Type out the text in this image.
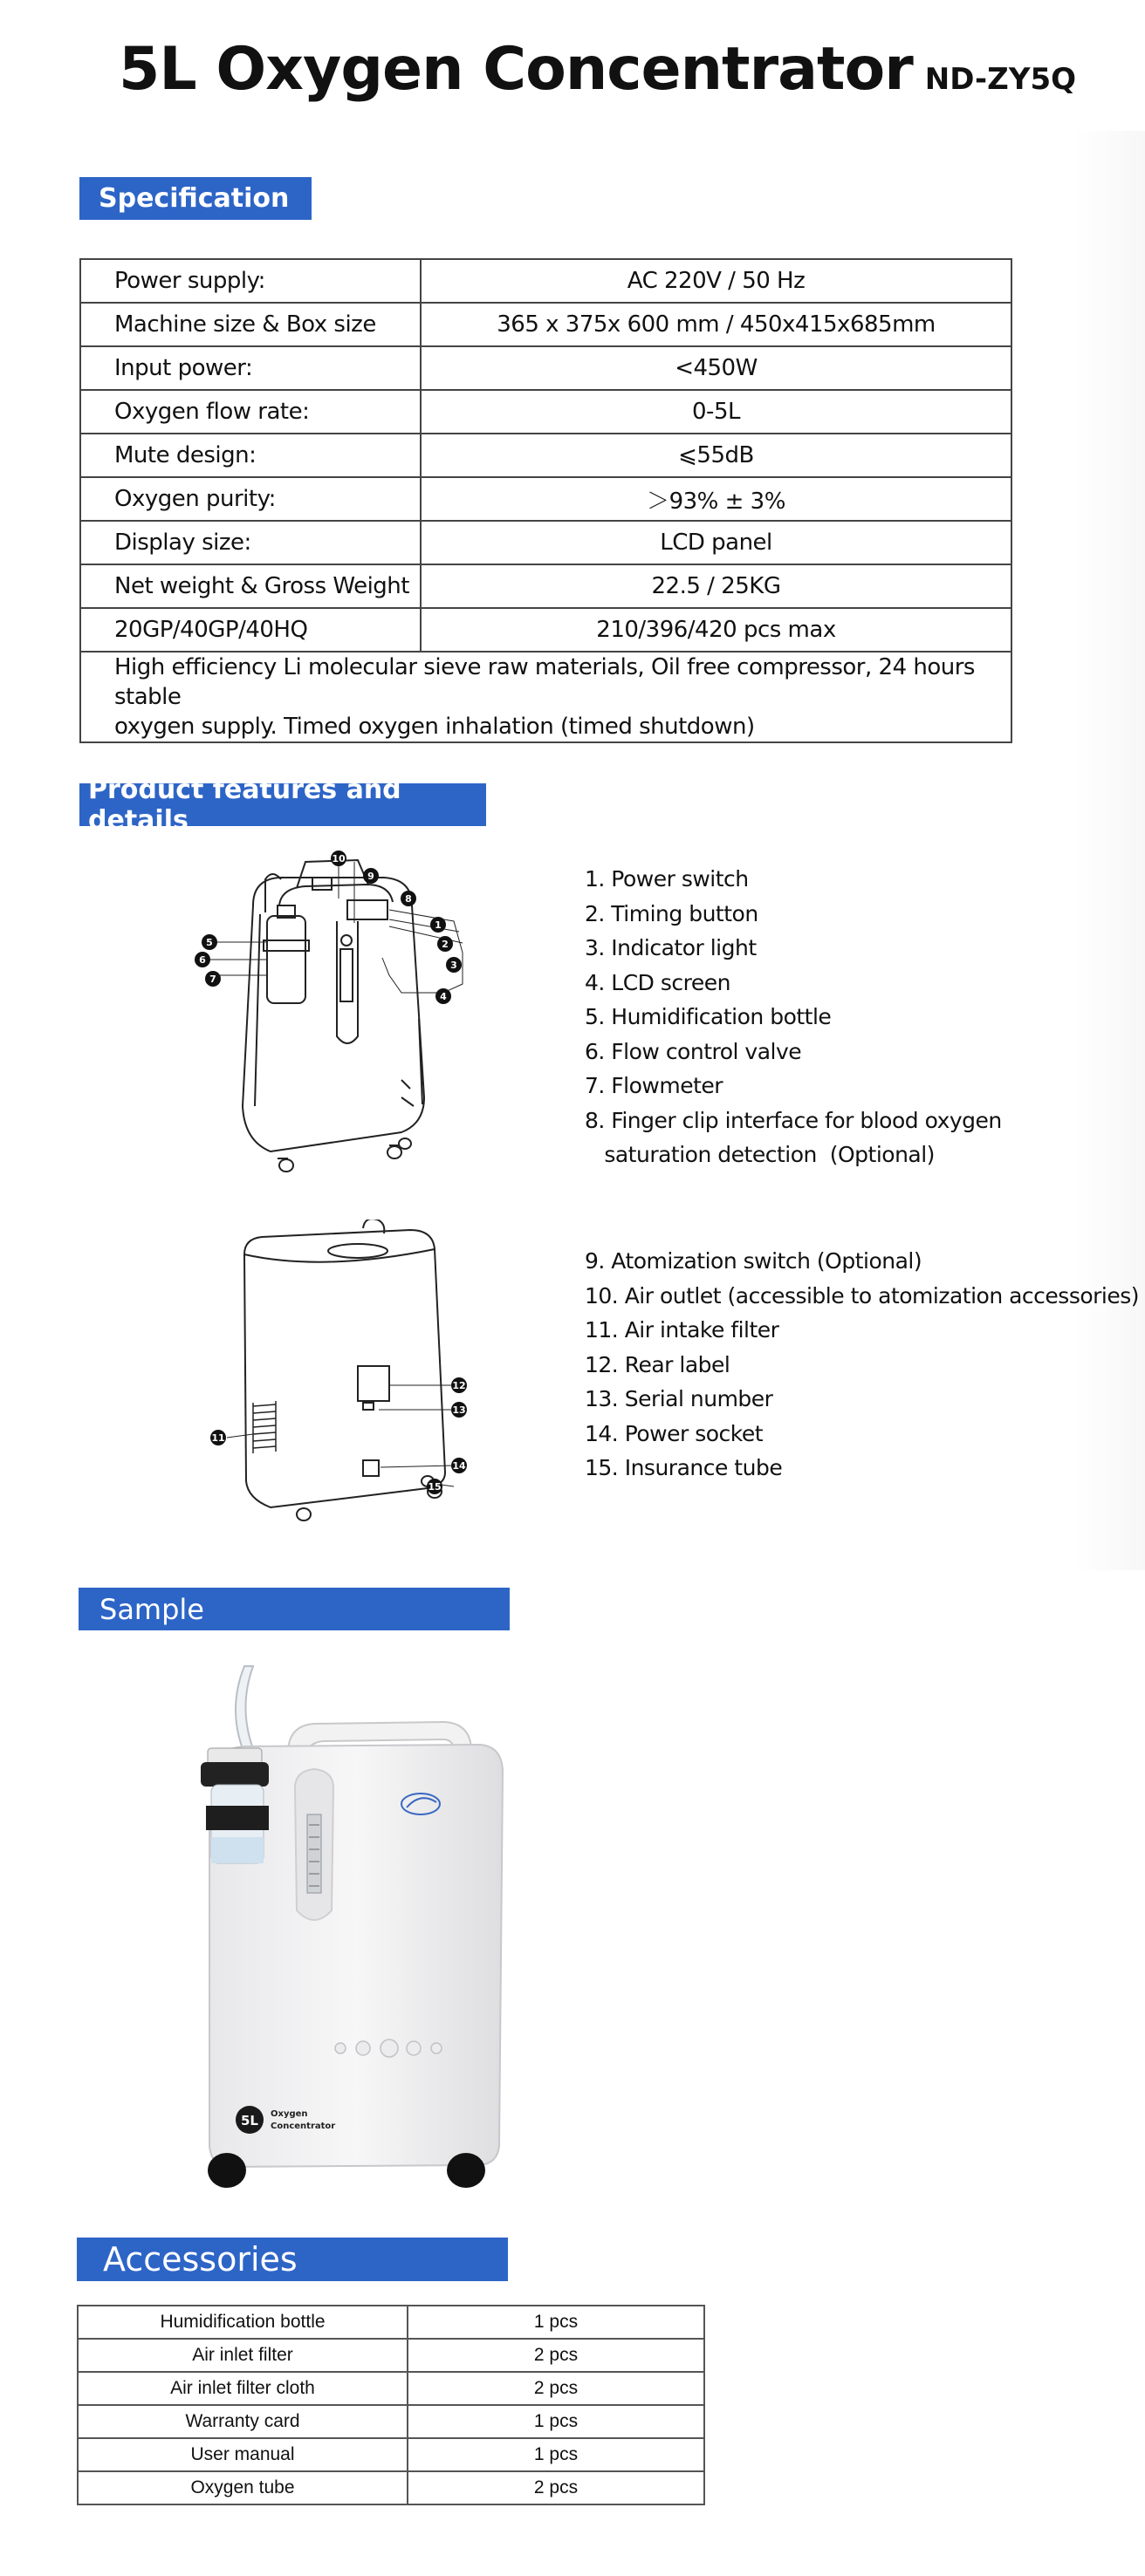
5L Oxygen Concentrator ND-ZY5Q
Specification
Power supply:	AC 220V / 50 Hz
Machine size & Box size	365 x 375x 600 mm / 450x415x685mm
Input power:	<450W
Oxygen flow rate:	0-5L
Mute design:	⩽55dB
Oxygen purity:	＞93% ± 3%
Display size:	LCD panel
Net weight & Gross Weight	22.5 / 25KG
20GP/40GP/40HQ	210/396/420 pcs max

High efficiency Li molecular sieve raw materials, Oil free compressor, 24 hours stable
oxygen supply. Timed oxygen inhalation (timed shutdown)	
Product features and details
10
9
8
1
2
3
4
5
6
7
1. Power switch
2. Timing button
3. Indicator light
4. LCD screen
5. Humidification bottle
6. Flow control valve
7. Flowmeter
8. Finger clip interface for blood oxygen
saturation detection  (Optional)
12
13
11
14
15
9. Atomization switch (Optional)
10. Air outlet (accessible to atomization accessories)
11. Air intake filter
12. Rear label
13. Serial number
14. Power socket
15. Insurance tube
Sample
5L Oxygen
Concentrator
Accessories
Humidification bottle	1 pcs
Air inlet filter	2 pcs
Air inlet filter cloth	2 pcs
Warranty card	1 pcs
User manual	1 pcs
Oxygen tube	2 pcs
